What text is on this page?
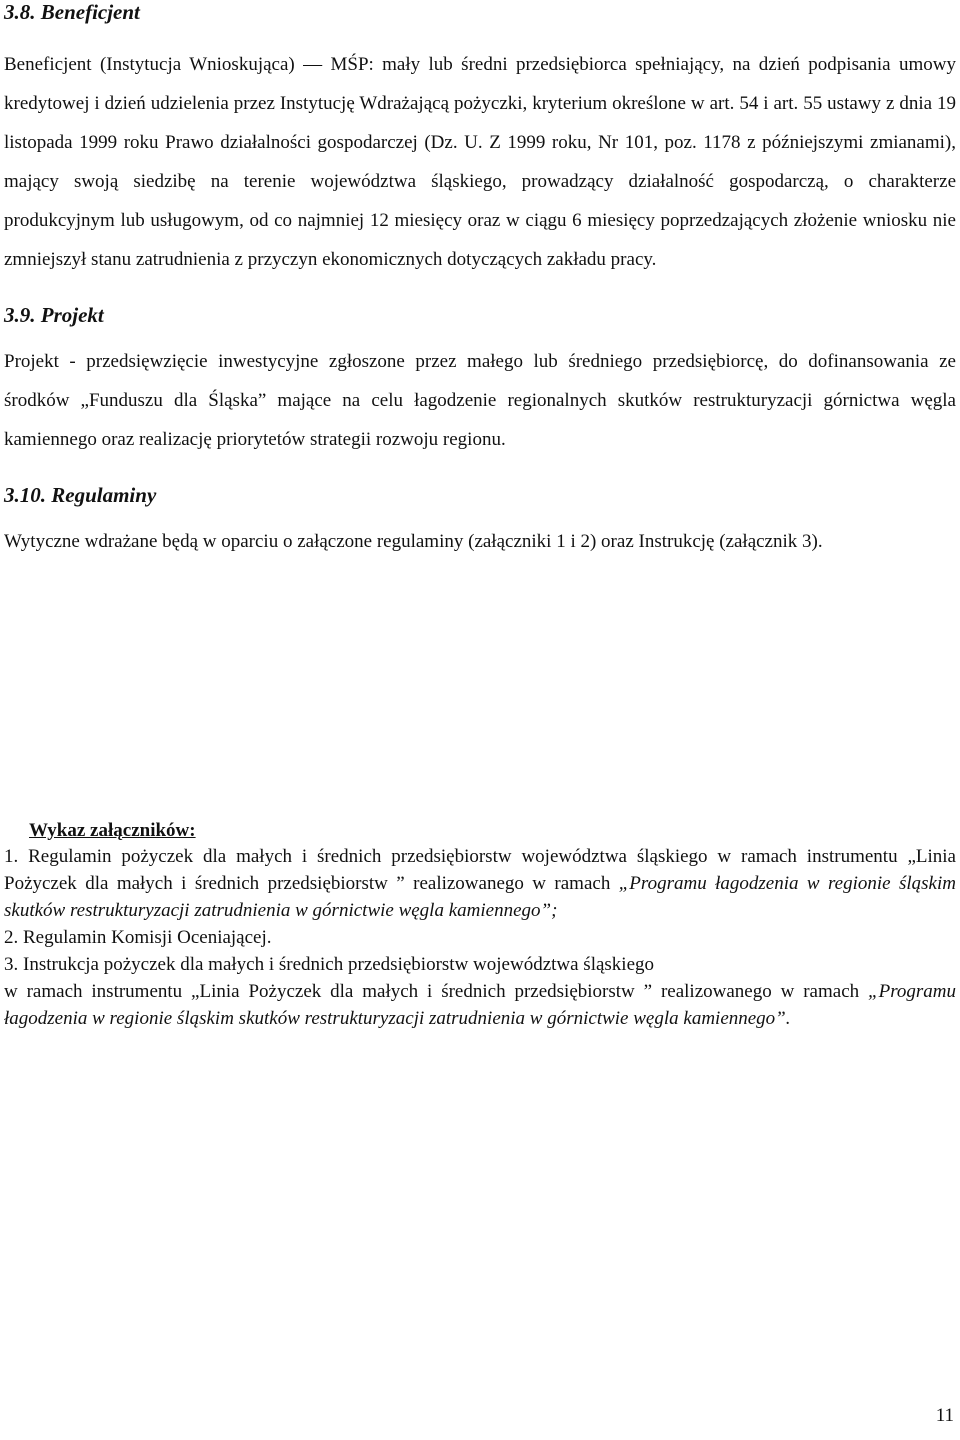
3.8. Beneficjent

Beneficjent (Instytucja Wnioskująca) — MŚP: mały lub średni przedsiębiorca spełniający, na dzień podpisania umowy kredytowej i dzień udzielenia przez Instytucję Wdrażającą pożyczki, kryterium określone w art. 54 i art. 55 ustawy z dnia 19 listopada 1999 roku Prawo działalności gospodarczej (Dz. U. Z 1999 roku, Nr 101, poz. 1178 z późniejszymi zmianami), mający swoją siedzibę na terenie województwa śląskiego, prowadzący działalność gospodarczą, o charakterze produkcyjnym lub usługowym, od co najmniej 12 miesięcy oraz w ciągu 6 miesięcy poprzedzających złożenie wniosku nie zmniejszył stanu zatrudnienia z przyczyn ekonomicznych dotyczących zakładu pracy.

3.9. Projekt

Projekt - przedsięwzięcie inwestycyjne zgłoszone przez małego lub średniego przedsiębiorcę, do dofinansowania ze środków „Funduszu dla Śląska” mające na celu łagodzenie regionalnych skutków restrukturyzacji górnictwa węgla kamiennego oraz realizację priorytetów strategii rozwoju regionu.

3.10. Regulaminy

Wytyczne wdrażane będą w oparciu o załączone regulaminy (załączniki 1 i 2) oraz Instrukcję (załącznik 3).

Wykaz załączników:

1. Regulamin pożyczek dla małych i średnich przedsiębiorstw województwa śląskiego w ramach instrumentu „Linia Pożyczek dla małych i średnich przedsiębiorstw ” realizowanego w ramach „Programu łagodzenia w regionie śląskim skutków restrukturyzacji zatrudnienia w górnictwie węgla kamiennego”;

2. Regulamin Komisji Oceniającej.

3. Instrukcja pożyczek dla małych i średnich przedsiębiorstw województwa śląskiego

w ramach instrumentu „Linia Pożyczek dla małych i średnich przedsiębiorstw ” realizowanego w ramach „Programu łagodzenia w regionie śląskim skutków restrukturyzacji zatrudnienia w górnictwie węgla kamiennego”.

11
